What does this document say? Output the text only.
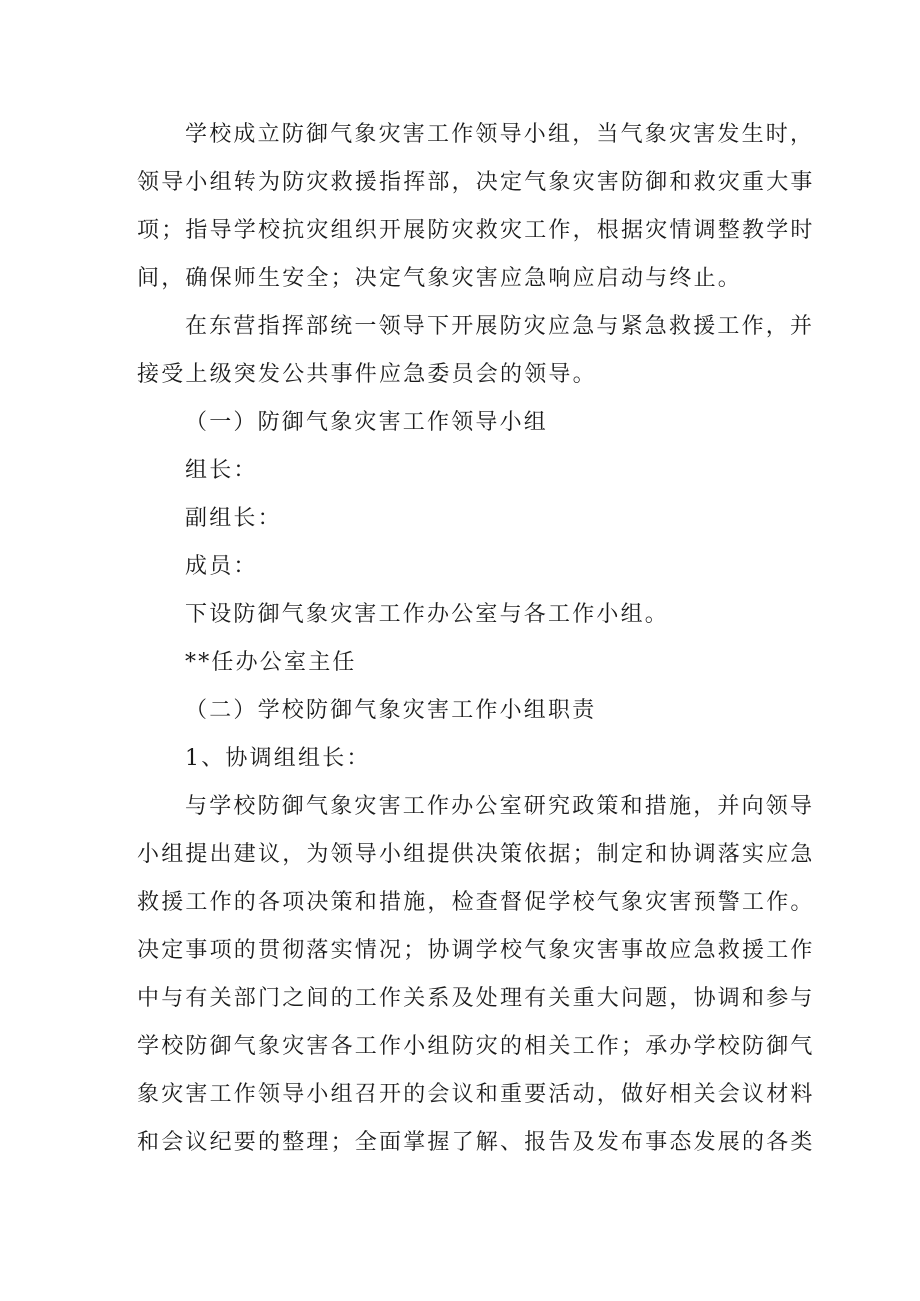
学校成立防御气象灾害工作领导小组，当气象灾害发生时，
领导小组转为防灾救援指挥部，决定气象灾害防御和救灾重大事
项；指导学校抗灾组织开展防灾救灾工作，根据灾情调整教学时
间，确保师生安全；决定气象灾害应急响应启动与终止。
在东营指挥部统一领导下开展防灾应急与紧急救援工作，并
接受上级突发公共事件应急委员会的领导。
（一）防御气象灾害工作领导小组
组长：
副组长：
成员：
下设防御气象灾害工作办公室与各工作小组。
**任办公室主任
（二）学校防御气象灾害工作小组职责
1、协调组组长：
与学校防御气象灾害工作办公室研究政策和措施，并向领导
小组提出建议，为领导小组提供决策依据；制定和协调落实应急
救援工作的各项决策和措施，检查督促学校气象灾害预警工作。
决定事项的贯彻落实情况；协调学校气象灾害事故应急救援工作
中与有关部门之间的工作关系及处理有关重大问题，协调和参与
学校防御气象灾害各工作小组防灾的相关工作；承办学校防御气
象灾害工作领导小组召开的会议和重要活动，做好相关会议材料
和会议纪要的整理；全面掌握了解、报告及发布事态发展的各类
